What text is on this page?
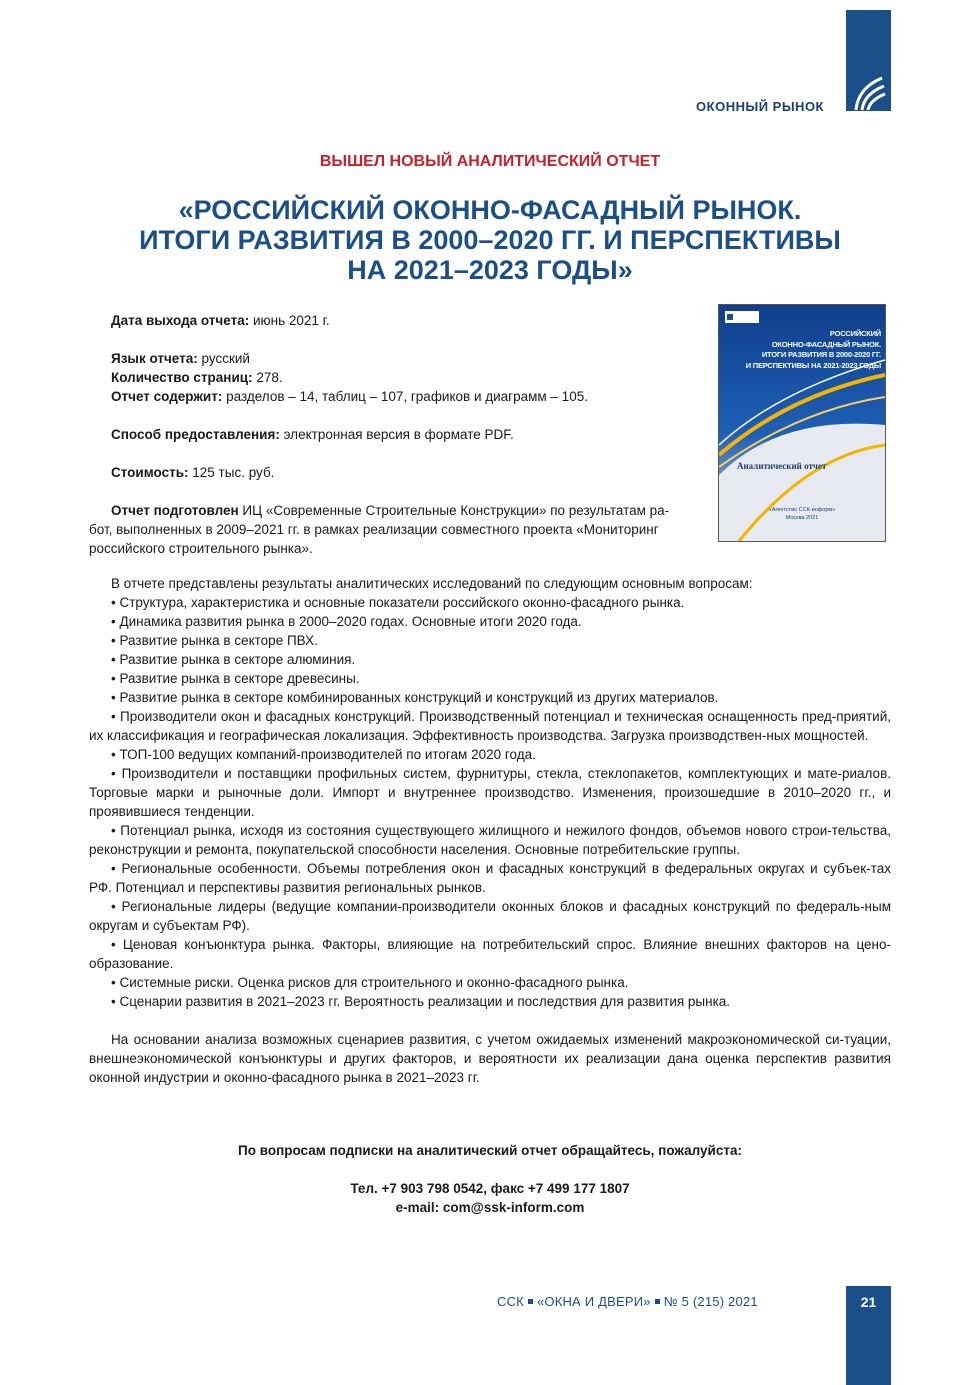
ОКОННЫЙ РЫНОК
ВЫШЕЛ НОВЫЙ АНАЛИТИЧЕСКИЙ ОТЧЕТ
«РОССИЙСКИЙ ОКОННО-ФАСАДНЫЙ РЫНОК.
ИТОГИ РАЗВИТИЯ В 2000–2020 ГГ. И ПЕРСПЕКТИВЫ
НА 2021–2023 ГОДЫ»

Дата выхода отчета: июнь 2021 г.

Язык отчета: русский

Количество страниц: 278.

Отчет содержит: разделов – 14, таблиц – 107, графиков и диаграмм – 105.

Способ предоставления: электронная версия в формате PDF.

Стоимость: 125 тыс. руб.

Отчет подготовлен ИЦ «Современные Строительные Конструкции» по результатам ра-

бот, выполненных в 2009–2021 гг. в рамках реализации совместного проекта «Мониторинг

российского строительного рынка».

РОССИЙСКИЙ
ОКОННО-ФАСАДНЫЙ РЫНОК.
ИТОГИ РАЗВИТИЯ В 2000-2020 ГГ.
И ПЕРСПЕКТИВЫ НА 2021-2023 ГОДЫ
Аналитический отчет
«Агентство ССК-информ»
Москва 2021

В отчете представлены результаты аналитических исследований по следующим основным вопросам:

• Структура, характеристика и основные показатели российского оконно-фасадного рынка.

• Динамика развития рынка в 2000–2020 годах. Основные итоги 2020 года.

• Развитие рынка в секторе ПВХ.

• Развитие рынка в секторе алюминия.

• Развитие рынка в секторе древесины.

• Развитие рынка в секторе комбинированных конструкций и конструкций из других материалов.

• Производители окон и фасадных конструкций. Производственный потенциал и техническая оснащенность пред-приятий, их классификация и географическая локализация. Эффективность производства. Загрузка производствен-ных мощностей.

• ТОП-100 ведущих компаний-производителей по итогам 2020 года.

• Производители и поставщики профильных систем, фурнитуры, стекла, стеклопакетов, комплектующих и мате-риалов. Торговые марки и рыночные доли. Импорт и внутреннее производство. Изменения, произошедшие в 2010–2020 гг., и проявившиеся тенденции.

• Потенциал рынка, исходя из состояния существующего жилищного и нежилого фондов, объемов нового строи-тельства, реконструкции и ремонта, покупательской способности населения. Основные потребительские группы.

• Региональные особенности. Объемы потребления окон и фасадных конструкций в федеральных округах и субъек-тах РФ. Потенциал и перспективы развития региональных рынков.

• Региональные лидеры (ведущие компании-производители оконных блоков и фасадных конструкций по федераль-ным округам и субъектам РФ).

• Ценовая конъюнктура рынка. Факторы, влияющие на потребительский спрос. Влияние внешних факторов на цено-образование.

• Системные риски. Оценка рисков для строительного и оконно-фасадного рынка.

• Сценарии развития в 2021–2023 гг. Вероятность реализации и последствия для развития рынка.

На основании анализа возможных сценариев развития, с учетом ожидаемых изменений макроэкономической си-туации, внешнеэкономической конъюнктуры и других факторов, и вероятности их реализации дана оценка перспектив развития оконной индустрии и оконно-фасадного рынка в 2021–2023 гг.

По вопросам подписки на аналитический отчет обращайтесь, пожалуйста:
Тел. +7 903 798 0542, факс +7 499 177 1807
e-mail: com@ssk-inform.com
ССК «ОКНА И ДВЕРИ» № 5 (215) 2021	21
